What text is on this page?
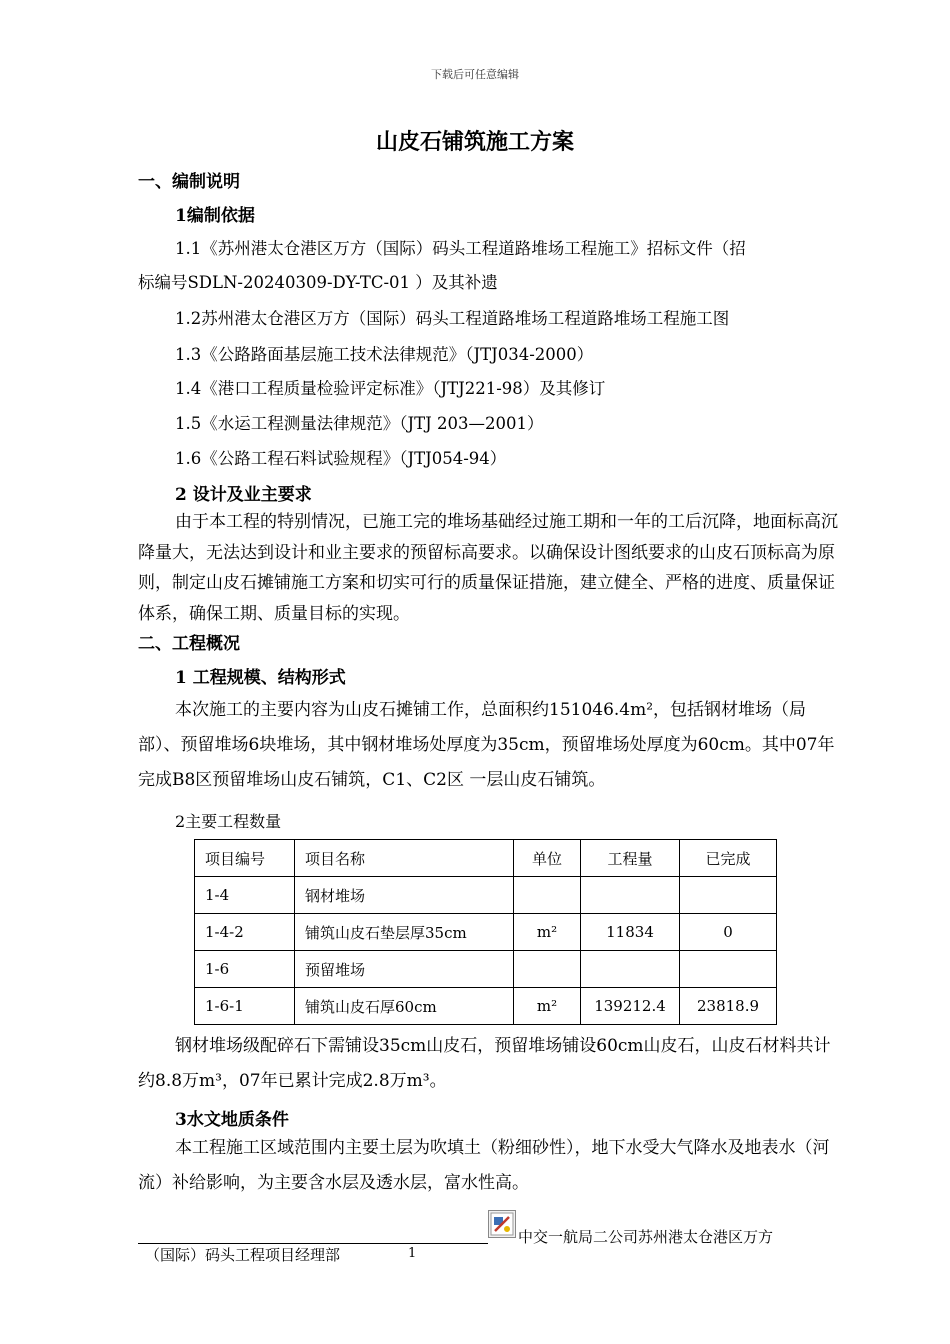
下载后可任意编辑
山皮石铺筑施工方案
一、编制说明
1编制依据
1.1《苏州港太仓港区万方（国际）码头工程道路堆场工程施工》招标文件（招
标编号SDLN-20240309-DY-TC-01 ）及其补遗
1.2苏州港太仓港区万方（国际）码头工程道路堆场工程道路堆场工程施工图
1.3《公路路面基层施工技术法律规范》（JTJ034-2000）
1.4《港口工程质量检验评定标准》（JTJ221-98）及其修订
1.5《水运工程测量法律规范》（JTJ 203—2001）
1.6《公路工程石料试验规程》（JTJ054-94）
2 设计及业主要求
由于本工程的特别情况，已施工完的堆场基础经过施工期和一年的工后沉降，地面标高沉降量大，无法达到设计和业主要求的预留标高要求。以确保设计图纸要求的山皮石顶标高为原则，制定山皮石摊铺施工方案和切实可行的质量保证措施，建立健全、严格的进度、质量保证体系，确保工期、质量目标的实现。
二、工程概况
1 工程规模、结构形式
本次施工的主要内容为山皮石摊铺工作，总面积约151046.4m²，包括钢材堆场（局部）、预留堆场6块堆场，其中钢材堆场处厚度为35cm，预留堆场处厚度为60cm。其中07年完成B8区预留堆场山皮石铺筑，C1、C2区 一层山皮石铺筑。
2主要工程数量
项目编号	项目名称	单位	工程量	已完成
1-4	钢材堆场			
1-4-2	铺筑山皮石垫层厚35cm	m²	11834	0
1-6	预留堆场			
1-6-1	铺筑山皮石厚60cm	m²	139212.4	23818.9
钢材堆场级配碎石下需铺设35cm山皮石，预留堆场铺设60cm山皮石，山皮石材料共计约8.8万m³，07年已累计完成2.8万m³。
3水文地质条件
本工程施工区域范围内主要土层为吹填土（粉细砂性），地下水受大气降水及地表水（河流）补给影响，为主要含水层及透水层，富水性高。
中交一航局二公司苏州港太仓港区万方
（国际）码头工程项目经理部	1
